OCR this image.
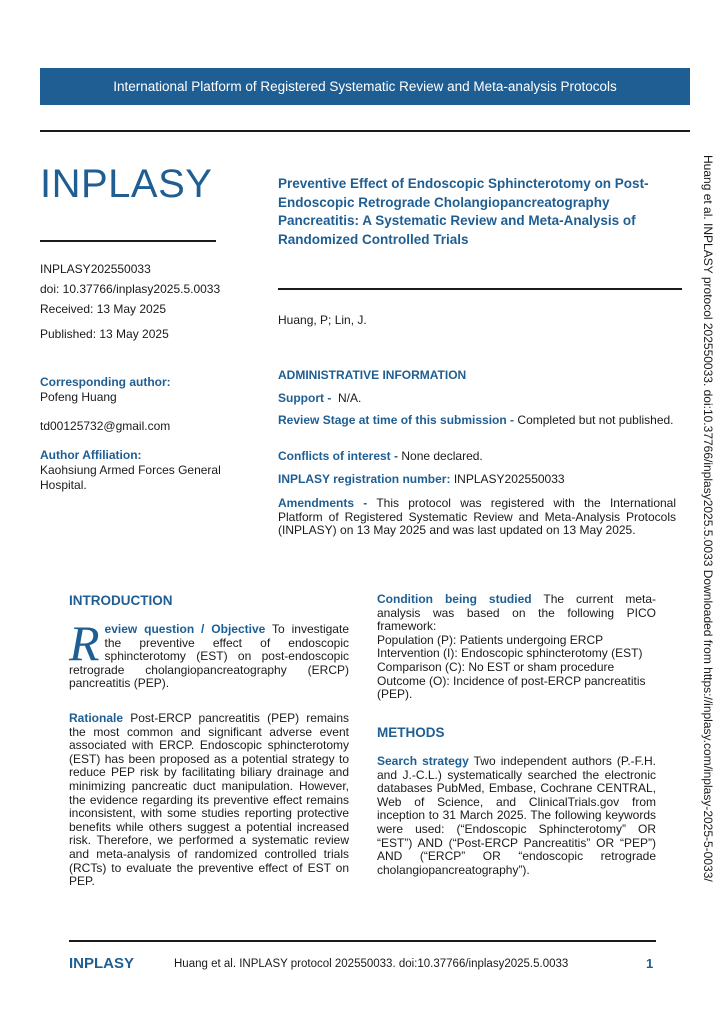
International Platform of Registered Systematic Review and Meta-analysis Protocols
INPLASY
INPLASY202550033
doi: 10.37766/inplasy2025.5.0033
Received: 13 May 2025
Published: 13 May 2025
Corresponding author:
Pofeng Huang
td00125732@gmail.com
Author Affiliation:
Kaohsiung Armed Forces General Hospital.
Preventive Effect of Endoscopic Sphincterotomy on Post-Endoscopic Retrograde Cholangiopancreatography Pancreatitis: A Systematic Review and Meta-Analysis of Randomized Controlled Trials
Huang, P; Lin, J.
ADMINISTRATIVE INFORMATION
Support - N/A.
Review Stage at time of this submission - Completed but not published.
Conflicts of interest - None declared.
INPLASY registration number: INPLASY202550033
Amendments - This protocol was registered with the International Platform of Registered Systematic Review and Meta-Analysis Protocols (INPLASY) on 13 May 2025 and was last updated on 13 May 2025.
INTRODUCTION
R eview question / Objective To investigate the preventive effect of endoscopic sphincterotomy (EST) on post-endoscopic retrograde cholangiopancreatography (ERCP) pancreatitis (PEP).
Rationale Post-ERCP pancreatitis (PEP) remains the most common and significant adverse event associated with ERCP. Endoscopic sphincterotomy (EST) has been proposed as a potential strategy to reduce PEP risk by facilitating biliary drainage and minimizing pancreatic duct manipulation. However, the evidence regarding its preventive effect remains inconsistent, with some studies reporting protective benefits while others suggest a potential increased risk. Therefore, we performed a systematic review and meta-analysis of randomized controlled trials (RCTs) to evaluate the preventive effect of EST on PEP.
Condition being studied The current meta-analysis was based on the following PICO framework:
Population (P): Patients undergoing ERCP
Intervention (I): Endoscopic sphincterotomy (EST)
Comparison (C): No EST or sham procedure
Outcome (O): Incidence of post-ERCP pancreatitis (PEP).
METHODS
Search strategy Two independent authors (P.-F.H. and J.-C.L.) systematically searched the electronic databases PubMed, Embase, Cochrane CENTRAL, Web of Science, and ClinicalTrials.gov from inception to 31 March 2025. The following keywords were used: (“Endoscopic Sphincterotomy” OR “EST”) AND (“Post-ERCP Pancreatitis” OR “PEP”) AND (“ERCP” OR “endoscopic retrograde cholangiopancreatography”).	Huang et al. INPLASY protocol 202550033. doi:10.37766/inplasy2025.5.0033 Downloaded from https://inplasy.com/inplasy-2025-5-0033/
INPLASY	Huang et al. INPLASY protocol 202550033. doi:10.37766/inplasy2025.5.0033	1
